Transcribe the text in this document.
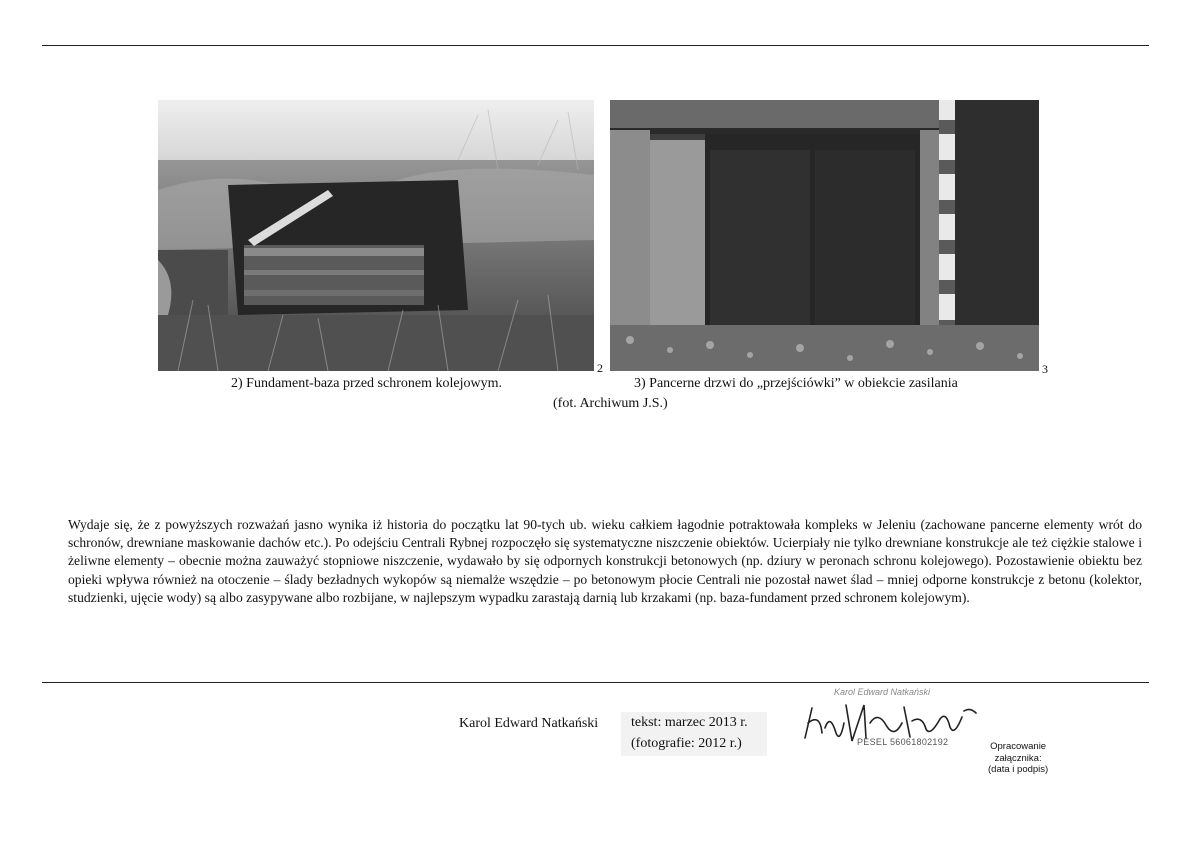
2	3
2) Fundament-baza przed schronem kolejowym.	3) Pancerne drzwi do „przejściówki” w obiekcie zasilania
(fot. Archiwum J.S.)
Wydaje się, że z powyższych rozważań jasno wynika iż historia do początku lat 90-tych ub. wieku całkiem łagodnie potraktowała kompleks w Jeleniu (zachowane pancerne elementy wrót do schronów, drewniane maskowanie dachów etc.). Po odejściu Centrali Rybnej rozpoczęło się systematyczne niszczenie obiektów. Ucierpiały nie tylko drewniane konstrukcje ale też ciężkie stalowe i żeliwne elementy – obecnie można zauważyć stopniowe niszczenie, wydawało by się odpornych konstrukcji betonowych (np. dziury w peronach schronu kolejowego). Pozostawienie obiektu bez opieki wpływa również na otoczenie – ślady bezładnych wykopów są niemalże wszędzie – po betonowym płocie Centrali nie pozostał nawet ślad – mniej odporne konstrukcje z betonu (kolektor, studzienki, ujęcie wody) są albo zasypywane albo rozbijane, w najlepszym wypadku zarastają darnią lub krzakami (np. baza-fundament przed schronem kolejowym).
Karol Edward Natkański tekst: marzec 2013 r.
(fotografie: 2012 r.)
Karol Edward Natkański
PESEL 56061802192	Opracowanie
załącznika:
(data i podpis)
